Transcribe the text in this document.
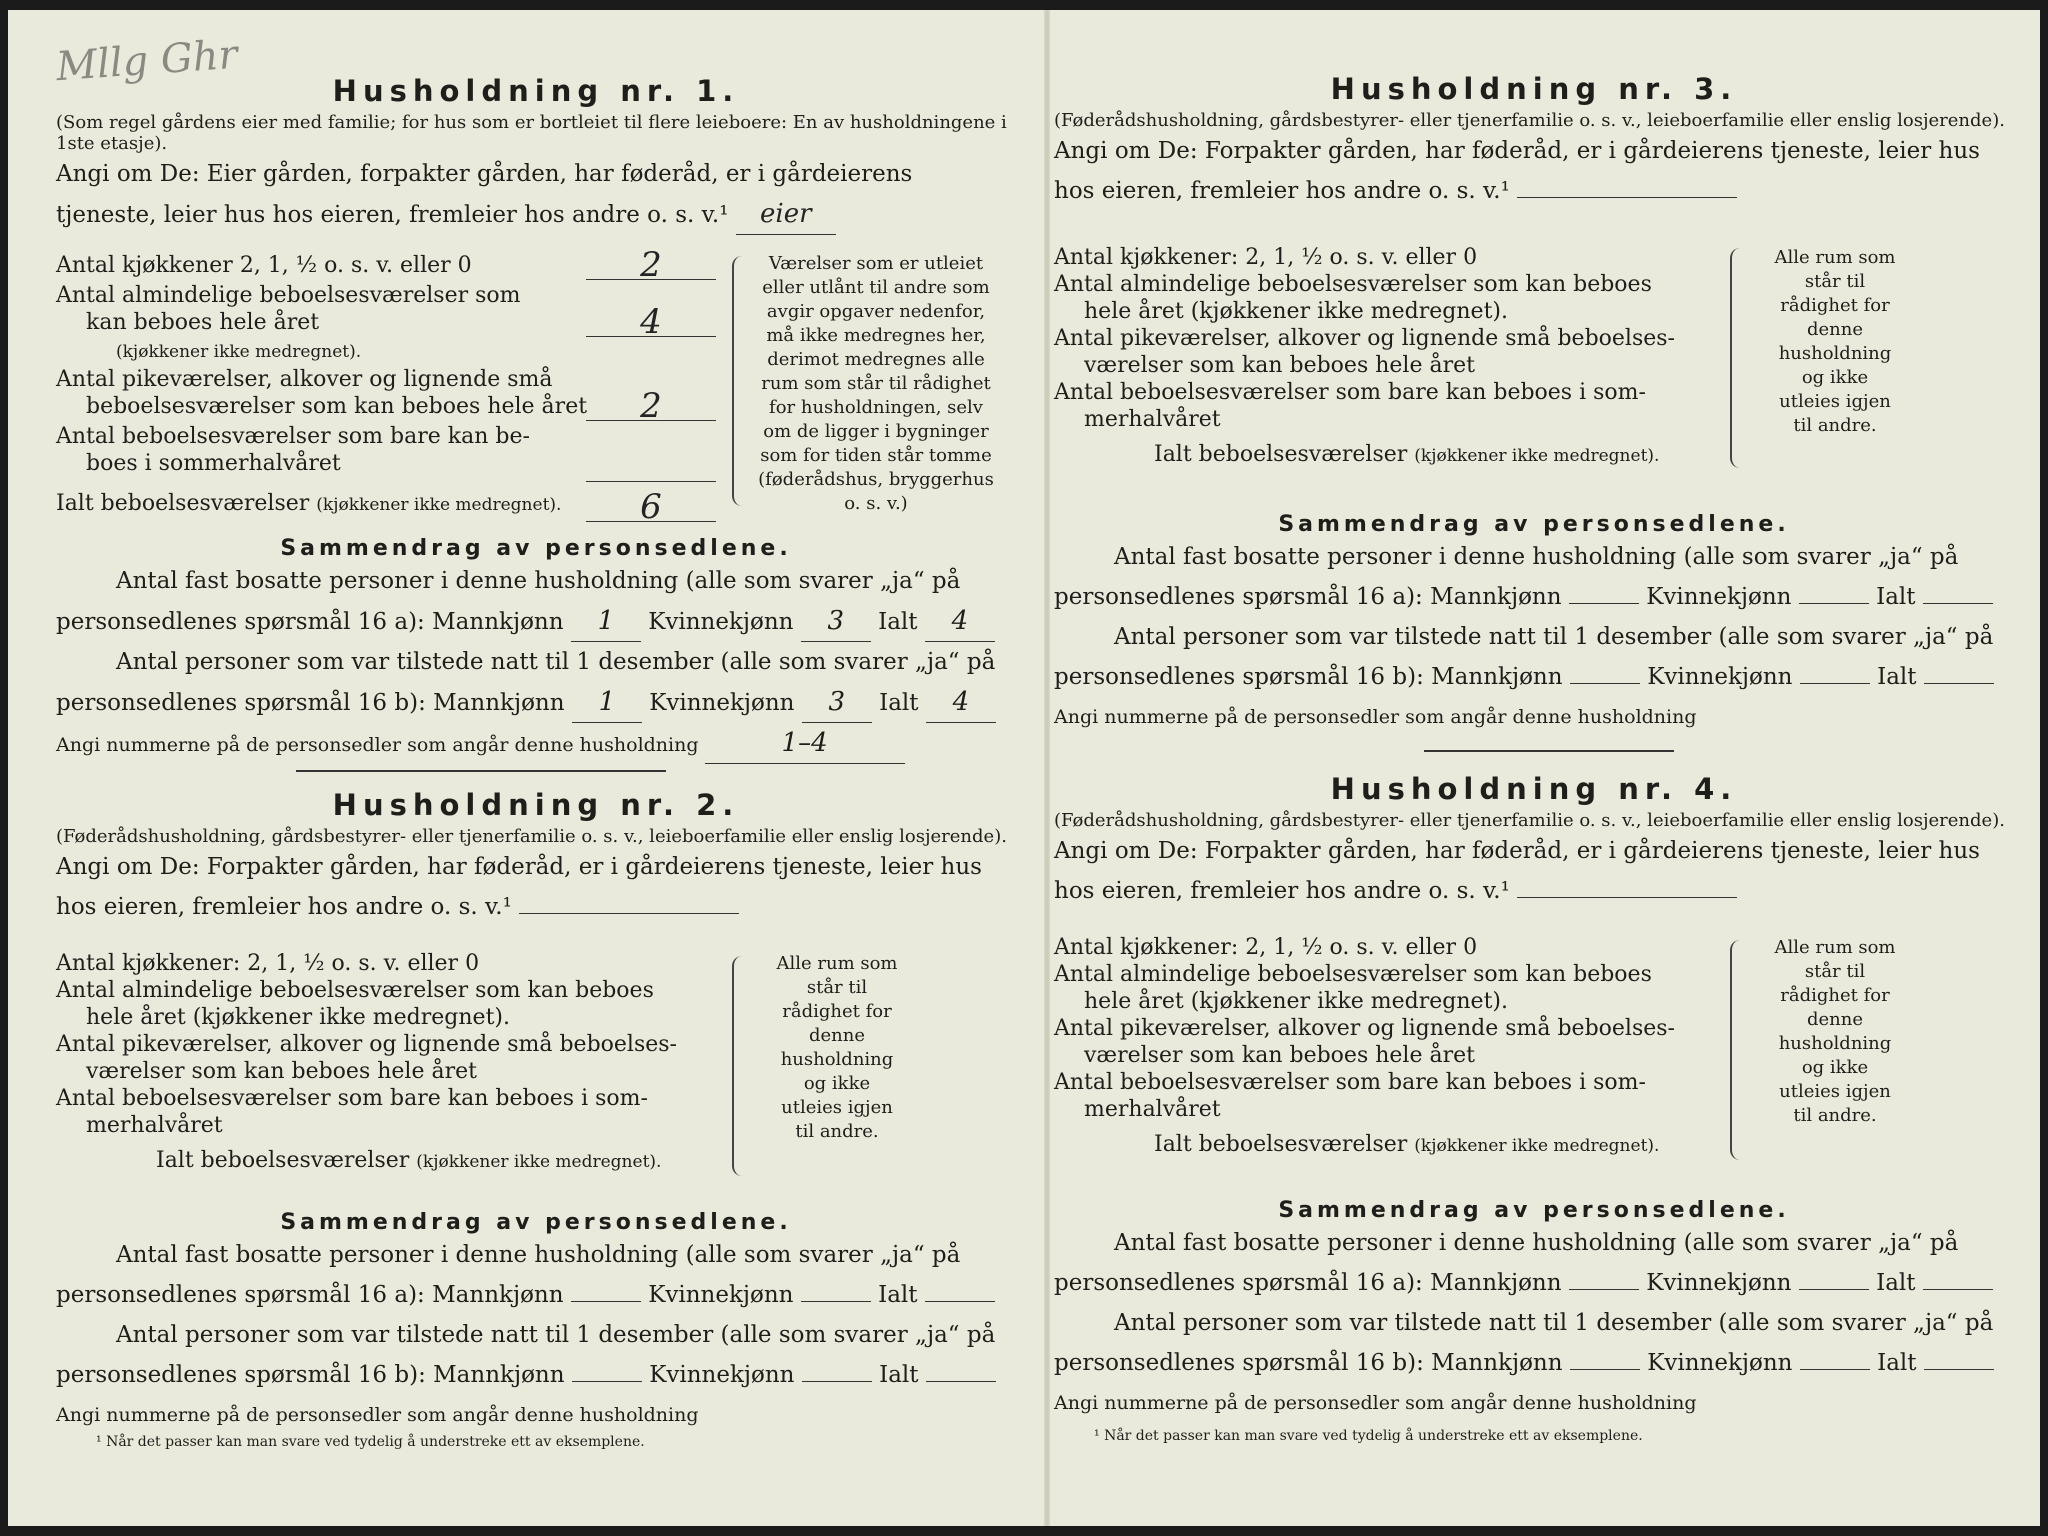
Mllg Ghr

Husholdning nr. 1.

(Som regel gårdens eier med familie; for hus som er bortleiet til flere leieboere: En av husholdningene i 1ste etasje).

Angi om De: Eier gården, forpakter gården, har føderåd, er i gårdeierens tjeneste, leier hus hos eieren, fremleier hos andre o. s. v.¹ eier

Antal kjøkkener 2, 1, ½ o. s. v. eller 0	2
Antal almindelige beboelsesværelser som
kan beboes hele året	4
(kjøkkener ikke medregnet).
Antal pikeværelser, alkover og lignende små
beboelsesværelser som kan beboes hele året	2
Antal beboelsesværelser som bare kan be-
boes i sommerhalvåret
Ialt beboelsesværelser (kjøkkener ikke medregnet).	6
Værelser som er utleiet eller utlånt til andre som avgir opgaver nedenfor, må ikke medregnes her, derimot medregnes alle rum som står til rådighet for husholdningen, selv om de ligger i bygninger som for tiden står tomme (føderådshus, bryggerhus o. s. v.)

Sammendrag av personsedlene.

Antal fast bosatte personer i denne husholdning (alle som svarer „ja“ på

personsedlenes spørsmål 16 a): Mannkjønn 1 Kvinnekjønn 3 Ialt 4

Antal personer som var tilstede natt til 1 desember (alle som svarer „ja“ på

personsedlenes spørsmål 16 b): Mannkjønn 1 Kvinnekjønn 3 Ialt 4

Angi nummerne på de personsedler som angår denne husholdning	1–4

Husholdning nr. 2.

(Føderådshusholdning, gårdsbestyrer- eller tjenerfamilie o. s. v., leieboerfamilie eller enslig losjerende).

Angi om De: Forpakter gården, har føderåd, er i gårdeierens tjeneste, leier hus hos eieren, fremleier hos andre o. s. v.¹

Antal kjøkkener: 2, 1, ½ o. s. v. eller 0
Antal almindelige beboelsesværelser som kan beboes
hele året (kjøkkener ikke medregnet).
Antal pikeværelser, alkover og lignende små beboelses-
værelser som kan beboes hele året
Antal beboelsesværelser som bare kan beboes i som-
merhalvåret
Ialt beboelsesværelser (kjøkkener ikke medregnet).
Alle rum som står til rådighet for denne husholdning og ikke utleies igjen til andre.

Sammendrag av personsedlene.

Antal fast bosatte personer i denne husholdning (alle som svarer „ja“ på

personsedlenes spørsmål 16 a): Mannkjønn	Kvinnekjønn	Ialt

Antal personer som var tilstede natt til 1 desember (alle som svarer „ja“ på

personsedlenes spørsmål 16 b): Mannkjønn	Kvinnekjønn	Ialt

Angi nummerne på de personsedler som angår denne husholdning

¹ Når det passer kan man svare ved tydelig å understreke ett av eksemplene.

Husholdning nr. 3.

(Føderådshusholdning, gårdsbestyrer- eller tjenerfamilie o. s. v., leieboerfamilie eller enslig losjerende).

Angi om De: Forpakter gården, har føderåd, er i gårdeierens tjeneste, leier hus hos eieren, fremleier hos andre o. s. v.¹

Antal kjøkkener: 2, 1, ½ o. s. v. eller 0
Antal almindelige beboelsesværelser som kan beboes
hele året (kjøkkener ikke medregnet).
Antal pikeværelser, alkover og lignende små beboelses-
værelser som kan beboes hele året
Antal beboelsesværelser som bare kan beboes i som-
merhalvåret
Ialt beboelsesværelser (kjøkkener ikke medregnet).
Alle rum som står til rådighet for denne husholdning og ikke utleies igjen til andre.

Sammendrag av personsedlene.

Antal fast bosatte personer i denne husholdning (alle som svarer „ja“ på

personsedlenes spørsmål 16 a): Mannkjønn	Kvinnekjønn	Ialt

Antal personer som var tilstede natt til 1 desember (alle som svarer „ja“ på

personsedlenes spørsmål 16 b): Mannkjønn	Kvinnekjønn	Ialt

Angi nummerne på de personsedler som angår denne husholdning

Husholdning nr. 4.

(Føderådshusholdning, gårdsbestyrer- eller tjenerfamilie o. s. v., leieboerfamilie eller enslig losjerende).

Angi om De: Forpakter gården, har føderåd, er i gårdeierens tjeneste, leier hus hos eieren, fremleier hos andre o. s. v.¹

Antal kjøkkener: 2, 1, ½ o. s. v. eller 0
Antal almindelige beboelsesværelser som kan beboes
hele året (kjøkkener ikke medregnet).
Antal pikeværelser, alkover og lignende små beboelses-
værelser som kan beboes hele året
Antal beboelsesværelser som bare kan beboes i som-
merhalvåret
Ialt beboelsesværelser (kjøkkener ikke medregnet).
Alle rum som står til rådighet for denne husholdning og ikke utleies igjen til andre.

Sammendrag av personsedlene.

Antal fast bosatte personer i denne husholdning (alle som svarer „ja“ på

personsedlenes spørsmål 16 a): Mannkjønn	Kvinnekjønn	Ialt

Antal personer som var tilstede natt til 1 desember (alle som svarer „ja“ på

personsedlenes spørsmål 16 b): Mannkjønn	Kvinnekjønn	Ialt

Angi nummerne på de personsedler som angår denne husholdning

¹ Når det passer kan man svare ved tydelig å understreke ett av eksemplene.
